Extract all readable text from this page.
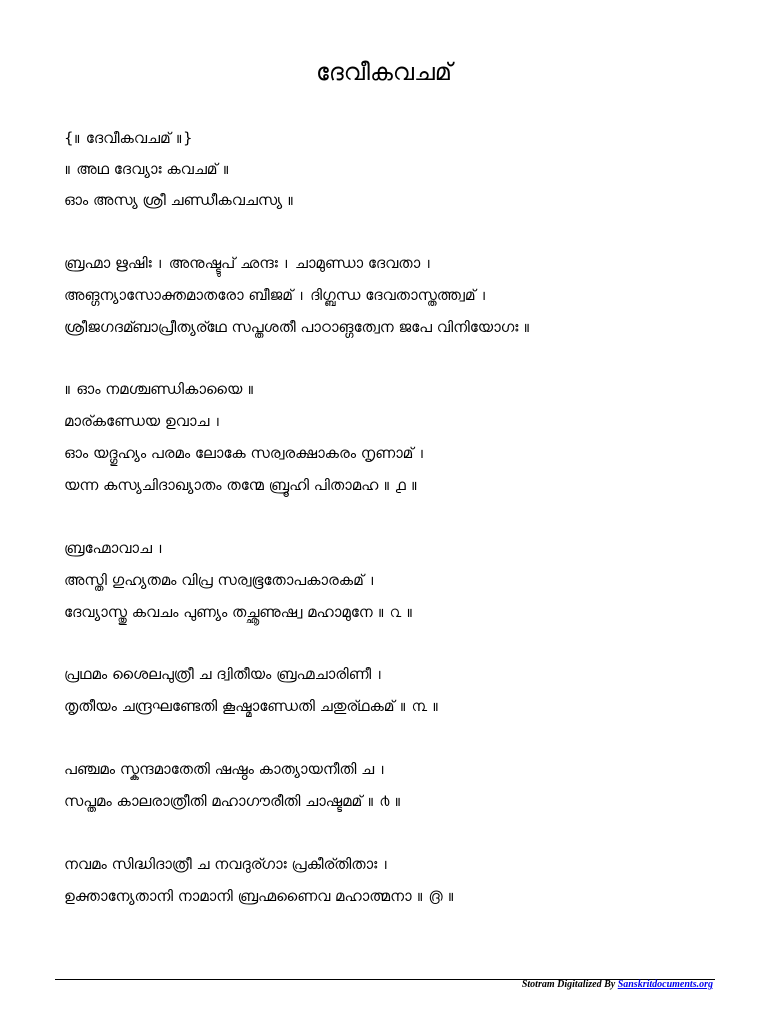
ദേവീകവചമ്
{॥ ദേവീകവചമ് ॥}
॥ അഥ ദേവ്യാഃ കവചമ് ॥
ഓം അസ്യ ശ്രീ ചണ്ഡീകവചസ്യ ॥
ബ്രഹ്മാ ഋഷിഃ । അനുഷ്ടുപ് ഛന്ദഃ । ചാമുണ്ഡാ ദേവതാ ।
അങ്ഗന്യാസോക്തമാതരോ ബീജമ് । ദിഗ്ബന്ധ ദേവതാസ്തത്ത്വമ് ।
ശ്രീജഗദമ്ബാപ്രീത്യര്ഥേ സപ്തശതീ പാഠാങ്ഗത്വേന ജപേ വിനിയോഗഃ ॥
॥ ഓം നമശ്ചണ്ഡികായൈ ॥
മാര്കണ്ഡേയ ഉവാച ।
ഓം യദ്ഗുഹ്യം പരമം ലോകേ സര്വരക്ഷാകരം നൃണാമ് ।
യന്ന കസ്യചിദാഖ്യാതം തന്മേ ബ്രൂഹി പിതാമഹ ॥ ൧ ॥
ബ്രഹ്മോവാച ।
അസ്തി ഗുഹ്യതമം വിപ്ര സര്വഭൂതോപകാരകമ് ।
ദേവ്യാസ്തു കവചം പുണ്യം തച്ഛൃണുഷ്വ മഹാമുനേ ॥ ൨ ॥
പ്രഥമം ശൈലപുത്രീ ച ദ്വിതീയം ബ്രഹ്മചാരിണീ ।
തൃതീയം ചന്ദ്രഘണ്ടേതി കൂഷ്മാണ്ഡേതി ചതുര്ഥകമ് ॥ ൩ ॥
പഞ്ചമം സ്കന്ദമാതേതി ഷഷ്ഠം കാത്യായനീതി ച ।
സപ്തമം കാലരാത്രീതി മഹാഗൗരീതി ചാഷ്ടമമ് ॥ ൪ ॥
നവമം സിദ്ധിദാത്രീ ച നവദുര്ഗാഃ പ്രകീര്തിതാഃ ।
ഉക്താന്യേതാനി നാമാനി ബ്രഹ്മണൈവ മഹാത്മനാ ॥ ൫ ॥
Stotram Digitalized By Sanskritdocuments.org
